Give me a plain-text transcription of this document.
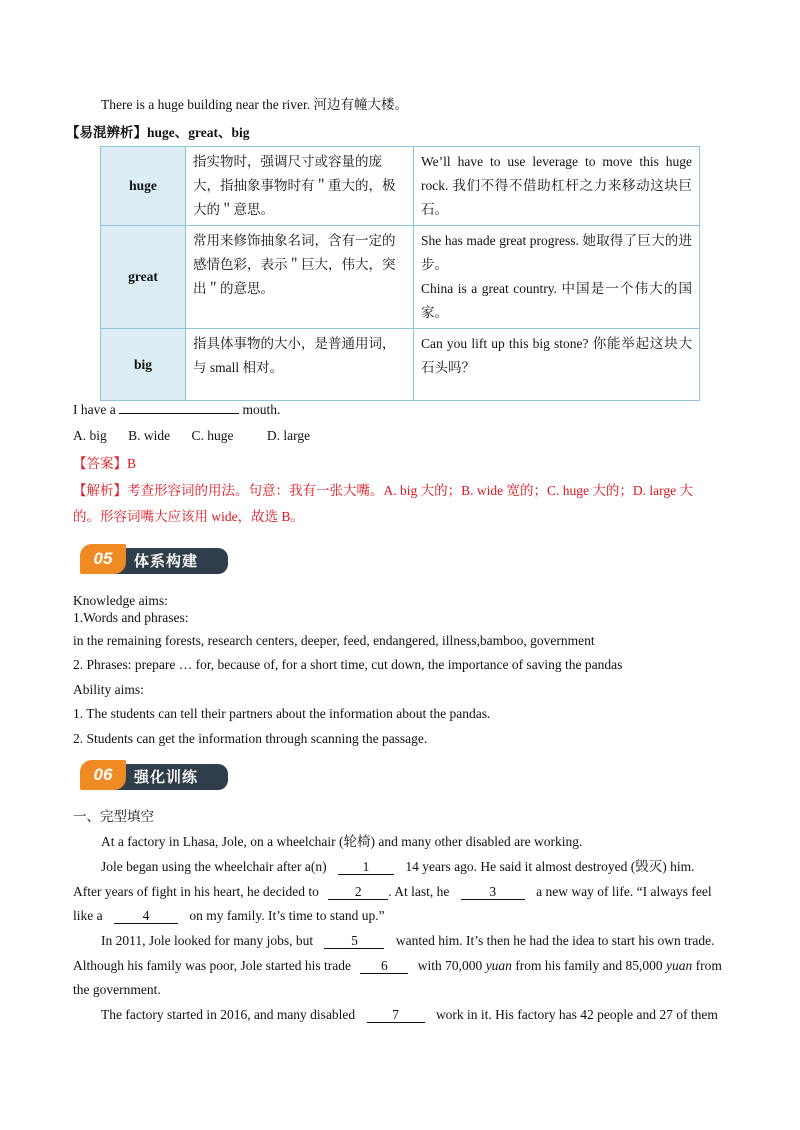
There is a huge building near the river. 河边有幢大楼。
【易混辨析】huge、great、big
huge	指实物时，强调尺寸或容量的庞大，指抽象事物时有＂重大的，极大的＂意思。	We’ll have to use leverage to move this huge rock. 我们不得不借助杠杆之力来移动这块巨石。

great	常用来修饰抽象名词，含有一定的感情色彩，表示＂巨大，伟大，突出＂的意思。	She has made great progress. 她取得了巨大的进步。
China is a great country. 中国是一个伟大的国家。

big	指具体事物的大小，是普通用词，与 small 相对。	Can you lift up this big stone? 你能举起这块大石头吗？
I have a	mouth.
A. big B. wide C. huge D. large
【答案】B
【解析】考查形容词的用法。句意：我有一张大嘴。A. big 大的；B. wide 宽的；C. huge 大的；D. large 大
的。形容词嘴大应该用 wide，故选 B。
05	体系构建
Knowledge aims:
1.Words and phrases:
in the remaining forests, research centers, deeper, feed, endangered, illness,bamboo, government
2. Phrases: prepare … for, because of, for a short time, cut down, the importance of saving the pandas
Ability aims:
1. The students can tell their partners about the information about the pandas.
2. Students can get the information through scanning the passage.
06	强化训练
一、完型填空
At a factory in Lhasa, Jole, on a wheelchair (轮椅) and many other disabled are working.
Jole began using the wheelchair after a(n)	1	14 years ago. He said it almost destroyed (毁灭) him.
After years of fight in his heart, he decided to	2 . At last, he	3	a new way of life. “I always feel
like a	4	on my family. It’s time to stand up.”
In 2011, Jole looked for many jobs, but	5	wanted him. It’s then he had the idea to start his own trade.
Although his family was poor, Jole started his trade 6 with 70,000 yuan from his family and 85,000 yuan from
the government.
The factory started in 2016, and many disabled	7	work in it. His factory has 42 people and 27 of them
